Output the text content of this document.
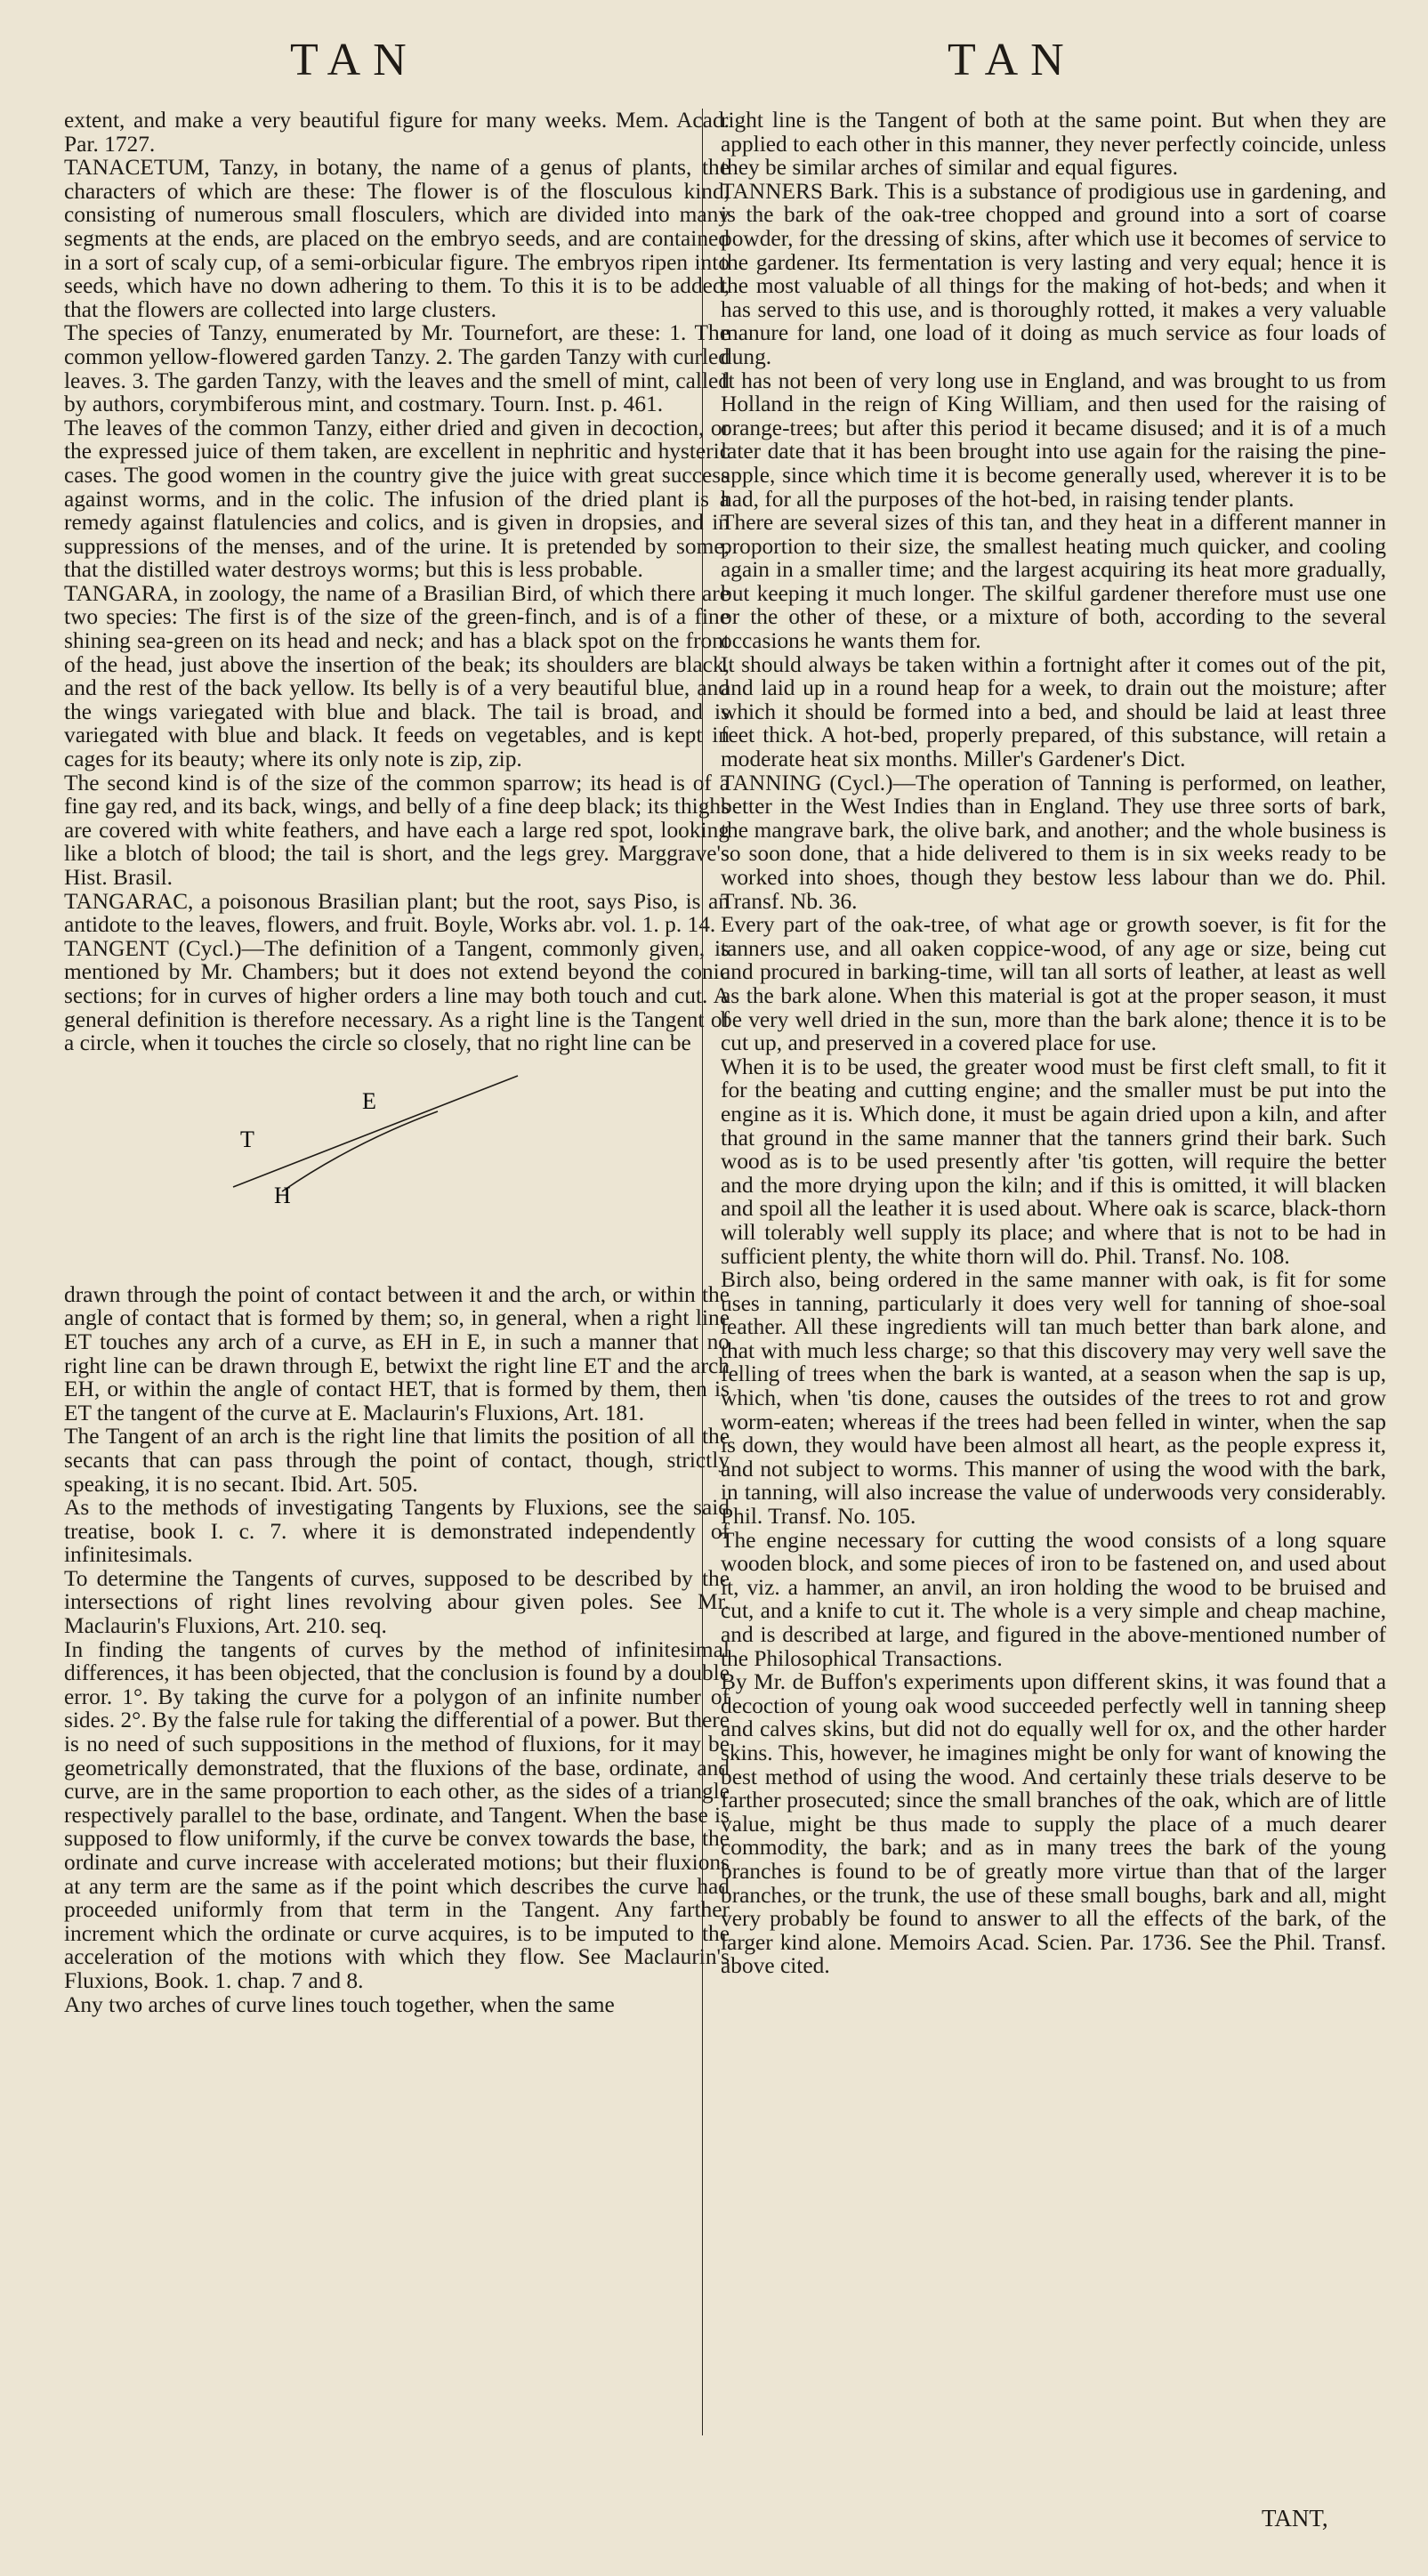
TAN	TAN

extent, and make a very beautiful figure for many weeks. Mem. Acad. Par. 1727.

TANACETUM, Tanzy, in botany, the name of a genus of plants, the characters of which are these: The flower is of the flosculous kind, consisting of numerous small flosculers, which are divided into many segments at the ends, are placed on the embryo seeds, and are contained in a sort of scaly cup, of a semi-orbicular figure. The embryos ripen into seeds, which have no down adhering to them. To this it is to be added, that the flowers are collected into large clusters.

The species of Tanzy, enumerated by Mr. Tournefort, are these: 1. The common yellow-flowered garden Tanzy. 2. The garden Tanzy with curled leaves. 3. The garden Tanzy, with the leaves and the smell of mint, called by authors, corymbiferous mint, and costmary. Tourn. Inst. p. 461.

The leaves of the common Tanzy, either dried and given in decoction, or the expressed juice of them taken, are excellent in nephritic and hysteric cases. The good women in the country give the juice with great success against worms, and in the colic. The infusion of the dried plant is a remedy against flatulencies and colics, and is given in dropsies, and in suppressions of the menses, and of the urine. It is pretended by some, that the distilled water destroys worms; but this is less probable.

TANGARA, in zoology, the name of a Brasilian Bird, of which there are two species: The first is of the size of the green-finch, and is of a fine shining sea-green on its head and neck; and has a black spot on the front of the head, just above the insertion of the beak; its shoulders are black, and the rest of the back yellow. Its belly is of a very beautiful blue, and the wings variegated with blue and black. The tail is broad, and is variegated with blue and black. It feeds on vegetables, and is kept in cages for its beauty; where its only note is zip, zip.

The second kind is of the size of the common sparrow; its head is of a fine gay red, and its back, wings, and belly of a fine deep black; its thighs are covered with white feathers, and have each a large red spot, looking like a blotch of blood; the tail is short, and the legs grey. Marggrave's Hist. Brasil.

TANGARAC, a poisonous Brasilian plant; but the root, says Piso, is an antidote to the leaves, flowers, and fruit. Boyle, Works abr. vol. 1. p. 14.

TANGENT (Cycl.)—The definition of a Tangent, commonly given, is mentioned by Mr. Chambers; but it does not extend beyond the conic sections; for in curves of higher orders a line may both touch and cut. A general definition is therefore necessary. As a right line is the Tangent of a circle, when it touches the circle so closely, that no right line can be

E
T
H

drawn through the point of contact between it and the arch, or within the angle of contact that is formed by them; so, in general, when a right line ET touches any arch of a curve, as EH in E, in such a manner that no right line can be drawn through E, betwixt the right line ET and the arch EH, or within the angle of contact HET, that is formed by them, then is ET the tangent of the curve at E. Maclaurin's Fluxions, Art. 181.

The Tangent of an arch is the right line that limits the position of all the secants that can pass through the point of contact, though, strictly speaking, it is no secant. Ibid. Art. 505.

As to the methods of investigating Tangents by Fluxions, see the said treatise, book I. c. 7. where it is demonstrated independently of infinitesimals.

To determine the Tangents of curves, supposed to be described by the intersections of right lines revolving abour given poles. See Mr. Maclaurin's Fluxions, Art. 210. seq.

In finding the tangents of curves by the method of infinitesimal differences, it has been objected, that the conclusion is found by a double error. 1°. By taking the curve for a polygon of an infinite number of sides. 2°. By the false rule for taking the differential of a power. But there is no need of such suppositions in the method of fluxions, for it may be geometrically demonstrated, that the fluxions of the base, ordinate, and curve, are in the same proportion to each other, as the sides of a triangle respectively parallel to the base, ordinate, and Tangent. When the base is supposed to flow uniformly, if the curve be convex towards the base, the ordinate and curve increase with accelerated motions; but their fluxions at any term are the same as if the point which describes the curve had proceeded uniformly from that term in the Tangent. Any farther increment which the ordinate or curve acquires, is to be imputed to the acceleration of the motions with which they flow. See Maclaurin's Fluxions, Book. 1. chap. 7 and 8.

Any two arches of curve lines touch together, when the same

right line is the Tangent of both at the same point. But when they are applied to each other in this manner, they never perfectly coincide, unless they be similar arches of similar and equal figures.

TANNERS Bark. This is a substance of prodigious use in gardening, and is the bark of the oak-tree chopped and ground into a sort of coarse powder, for the dressing of skins, after which use it becomes of service to the gardener. Its fermentation is very lasting and very equal; hence it is the most valuable of all things for the making of hot-beds; and when it has served to this use, and is thoroughly rotted, it makes a very valuable manure for land, one load of it doing as much service as four loads of dung.

It has not been of very long use in England, and was brought to us from Holland in the reign of King William, and then used for the raising of orange-trees; but after this period it became disused; and it is of a much later date that it has been brought into use again for the raising the pine-apple, since which time it is become generally used, wherever it is to be had, for all the purposes of the hot-bed, in raising tender plants.

There are several sizes of this tan, and they heat in a different manner in proportion to their size, the smallest heating much quicker, and cooling again in a smaller time; and the largest acquiring its heat more gradually, but keeping it much longer. The skilful gardener therefore must use one or the other of these, or a mixture of both, according to the several occasions he wants them for.

It should always be taken within a fortnight after it comes out of the pit, and laid up in a round heap for a week, to drain out the moisture; after which it should be formed into a bed, and should be laid at least three feet thick. A hot-bed, properly prepared, of this substance, will retain a moderate heat six months. Miller's Gardener's Dict.

TANNING (Cycl.)—The operation of Tanning is performed, on leather, better in the West Indies than in England. They use three sorts of bark, the mangrave bark, the olive bark, and another; and the whole business is so soon done, that a hide delivered to them is in six weeks ready to be worked into shoes, though they bestow less labour than we do. Phil. Transf. Nb. 36.

Every part of the oak-tree, of what age or growth soever, is fit for the tanners use, and all oaken coppice-wood, of any age or size, being cut and procured in barking-time, will tan all sorts of leather, at least as well as the bark alone. When this material is got at the proper season, it must be very well dried in the sun, more than the bark alone; thence it is to be cut up, and preserved in a covered place for use.

When it is to be used, the greater wood must be first cleft small, to fit it for the beating and cutting engine; and the smaller must be put into the engine as it is. Which done, it must be again dried upon a kiln, and after that ground in the same manner that the tanners grind their bark. Such wood as is to be used presently after 'tis gotten, will require the better and the more drying upon the kiln; and if this is omitted, it will blacken and spoil all the leather it is used about. Where oak is scarce, black-thorn will tolerably well supply its place; and where that is not to be had in sufficient plenty, the white thorn will do. Phil. Transf. No. 108.

Birch also, being ordered in the same manner with oak, is fit for some uses in tanning, particularly it does very well for tanning of shoe-soal leather. All these ingredients will tan much better than bark alone, and that with much less charge; so that this discovery may very well save the felling of trees when the bark is wanted, at a season when the sap is up, which, when 'tis done, causes the outsides of the trees to rot and grow worm-eaten; whereas if the trees had been felled in winter, when the sap is down, they would have been almost all heart, as the people express it, and not subject to worms. This manner of using the wood with the bark, in tanning, will also increase the value of underwoods very considerably. Phil. Transf. No. 105.

The engine necessary for cutting the wood consists of a long square wooden block, and some pieces of iron to be fastened on, and used about it, viz. a hammer, an anvil, an iron holding the wood to be bruised and cut, and a knife to cut it. The whole is a very simple and cheap machine, and is described at large, and figured in the above-mentioned number of the Philosophical Transactions.

By Mr. de Buffon's experiments upon different skins, it was found that a decoction of young oak wood succeeded perfectly well in tanning sheep and calves skins, but did not do equally well for ox, and the other harder skins. This, however, he imagines might be only for want of knowing the best method of using the wood. And certainly these trials deserve to be farther prosecuted; since the small branches of the oak, which are of little value, might be thus made to supply the place of a much dearer commodity, the bark; and as in many trees the bark of the young branches is found to be of greatly more virtue than that of the larger branches, or the trunk, the use of these small boughs, bark and all, might very probably be found to answer to all the effects of the bark, of the larger kind alone. Memoirs Acad. Scien. Par. 1736. See the Phil. Transf. above cited.

TANT,
